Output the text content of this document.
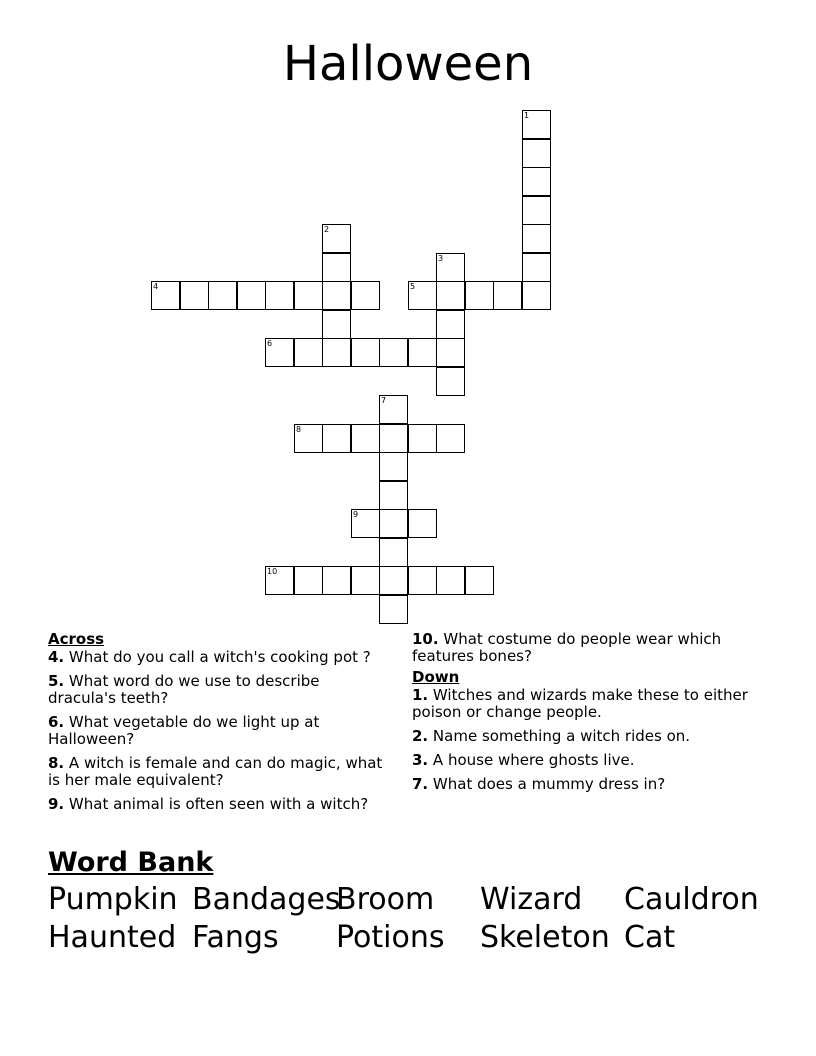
Halloween
1
2
3
4	5
6
7
8
9
10
Across
4. What do you call a witch's cooking pot ?
5. What word do we use to describe dracula's teeth?
6. What vegetable do we light up at Halloween?
8. A witch is female and can do magic, what is her male equivalent?
9. What animal is often seen with a witch?
10. What costume do people wear which features bones?
Down
1. Witches and wizards make these to either poison or change people.
2. Name something a witch rides on.
3. A house where ghosts live.
7. What does a mummy dress in?
Word Bank
Pumpkin Bandages
Broom Wizard Cauldron
Haunted Fangs Potions Skeleton Cat
